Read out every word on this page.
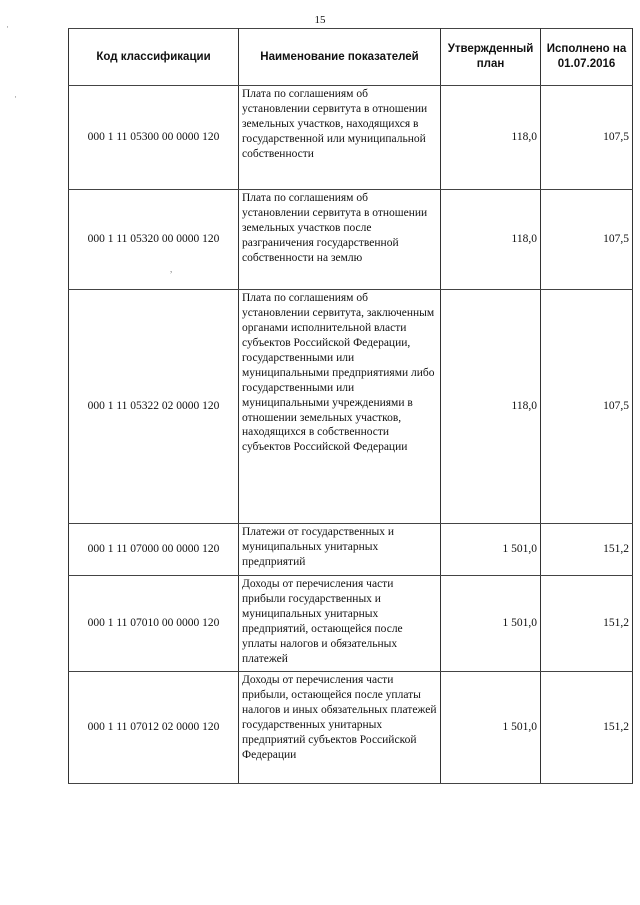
15
·
·
,
Код классификации	Наименование показателей	Утвержденный план	Исполнено на 01.07.2016
000 1 11 05300 00 0000 120	Плата по соглашениям об установлении сервитута в отношении земельных участков, находящихся в государственной или муниципальной собственности	118,0	107,5
000 1 11 05320 00 0000 120	Плата по соглашениям об установлении сервитута в отношении земельных участков после разграничения государственной собственности на землю	118,0	107,5
000 1 11 05322 02 0000 120	Плата по соглашениям об установлении сервитута, заключенным органами исполнительной власти субъектов Российской Федерации, государственными или муниципальными предприятиями либо государственными или муниципальными учреждениями в отношении земельных участков, находящихся в собственности субъектов Российской Федерации	118,0	107,5
000 1 11 07000 00 0000 120	Платежи от государственных и муниципальных унитарных предприятий	1 501,0	151,2
000 1 11 07010 00 0000 120	Доходы от перечисления части прибыли государственных и муниципальных унитарных предприятий, остающейся после уплаты налогов и обязательных платежей	1 501,0	151,2
000 1 11 07012 02 0000 120	Доходы от перечисления части прибыли, остающейся после уплаты налогов и иных обязательных платежей государственных унитарных предприятий субъектов Российской Федерации	1 501,0	151,2
